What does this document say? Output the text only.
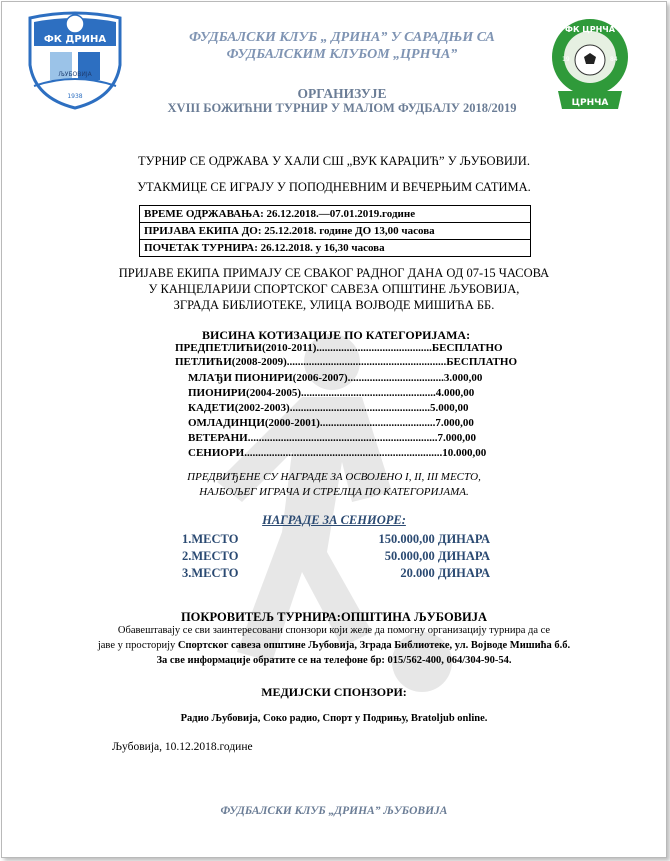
ФК ДРИНА
ЉУБОВИЈА
1938
ФК ЦРНЧА
19	84
ЦРНЧА
ФУДБАЛСКИ КЛУБ „ ДРИНА” У САРАДЊИ СА
ФУДБАЛСКИМ КЛУБОМ „ЦРНЧА”
ОРГАНИЗУЈЕ
XVIII БОЖИЋНИ ТУРНИР У МАЛОМ ФУДБАЛУ 2018/2019
ТУРНИР СЕ ОДРЖАВА У ХАЛИ СШ „ВУК КАРАЏИЋ” У ЉУБОВИЈИ.
УТАКМИЦЕ СЕ ИГРАЈУ У ПОПОДНЕВНИМ И ВЕЧЕРЊИМ САТИМА.
ВРЕМЕ ОДРЖАВАЊА: 26.12.2018.—07.01.2019.године
ПРИЈАВА ЕКИПА ДО: 25.12.2018. године ДО 13,00 часова
ПОЧЕТАК ТУРНИРА: 26.12.2018. у 16,30 часова
ПРИЈАВЕ ЕКИПА ПРИМАЈУ СЕ СВАКОГ РАДНОГ ДАНА ОД 07-15 ЧАСОВА
У КАНЦЕЛАРИЈИ СПОРТСКОГ САВЕЗА ОПШТИНЕ ЉУБОВИЈА,
ЗГРАДА БИБЛИОТЕКЕ, УЛИЦА ВОЈВОДЕ МИШИЋА ББ.
ВИСИНА КОТИЗАЦИЈЕ ПО КАТЕГОРИЈАМА:
ПРЕДПЕТЛИЋИ(2010-2011)..........................................БЕСПЛАТНО
ПЕТЛИЋИ(2008-2009)..........................................................БЕСПЛАТНО
МЛАЂИ ПИОНИРИ(2006-2007)...................................3.000,00
ПИОНИРИ(2004-2005).................................................4.000,00
КАДЕТИ(2002-2003)...................................................5.000,00
ОМЛАДИНЦИ(2000-2001)..........................................7.000,00
ВЕТЕРАНИ.....................................................................7.000,00
СЕНИОРИ........................................................................10.000,00
ПРЕДВИЂЕНЕ СУ НАГРАДЕ ЗА ОСВОЈЕНО I, II, III МЕСТО,
НАЈБОЉЕГ ИГРАЧА И СТРЕЛЦА ПО КАТЕГОРИЈАМА.
НАГРАДЕ ЗА СЕНИОРЕ:
1.МЕСТО	150.000,00 ДИНАРА
2.МЕСТО	50.000,00 ДИНАРА
3.МЕСТО	20.000 ДИНАРА
ПОКРОВИТЕЉ ТУРНИРА:ОПШТИНА ЉУБОВИЈА
Обавештавају се сви заинтересовани спонзори који желе да помогну организацију турнира да се
јаве у просторију Спортског савеза општине Љубовија, Зграда Библиотеке, ул. Војводе Мишића б.б.
За све информације обратите се на телефоне бр: 015/562-400, 064/304-90-54.
МЕДИЈСКИ СПОНЗОРИ:
Радио Љубовија, Соко радио, Спорт у Подрињу, Bratoljub online.
Љубовија, 10.12.2018.године
ФУДБАЛСКИ КЛУБ „ДРИНА” ЉУБОВИЈА
